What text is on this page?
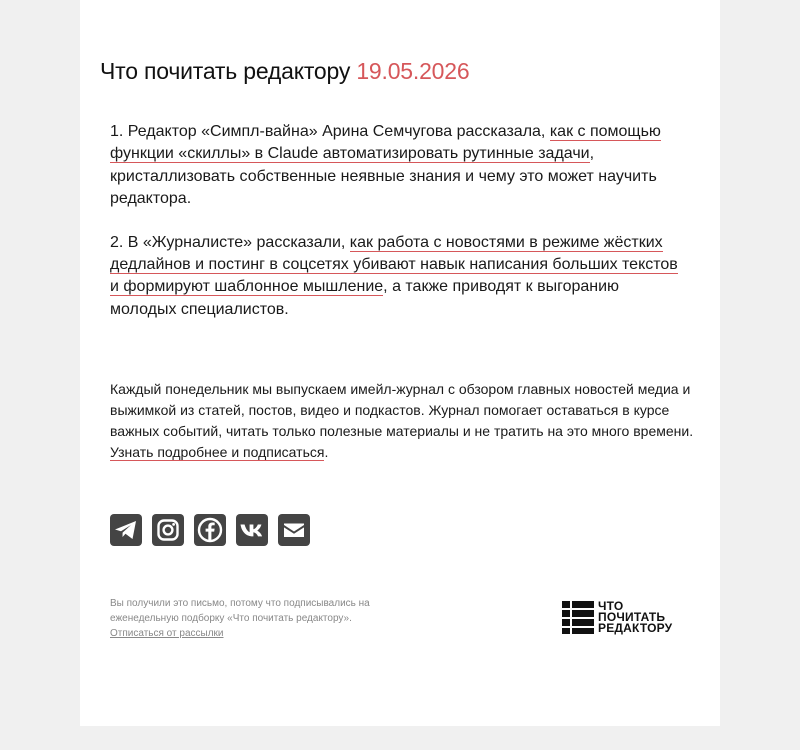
Что почитать редактору 19.05.2026

1. Редактор «Симпл-вайна» Арина Семчугова рассказала, как с помощью функции «скиллы» в Claude автоматизировать рутинные задачи, кристаллизовать собственные неявные знания и чему это может научить редактора.

2. В «Журналисте» рассказали, как работа с новостями в режиме жёстких дедлайнов и постинг в соцсетях убивают навык написания больших текстов и формируют шаблонное мышление, а также приводят к выгоранию молодых специалистов.

Каждый понедельник мы выпускаем имейл-журнал с обзором главных новостей медиа и выжимкой из статей, постов, видео и подкастов. Журнал помогает оставаться в курсе важных событий, читать только полезные материалы и не тратить на это много времени. Узнать подробнее и подписаться.

Вы получили это письмо, потому что подписывались на еженедельную подборку «Что почитать редактору».
Отписаться от рассылки

ЧТО
ПОЧИТАТЬ
РЕДАКТОРУ
